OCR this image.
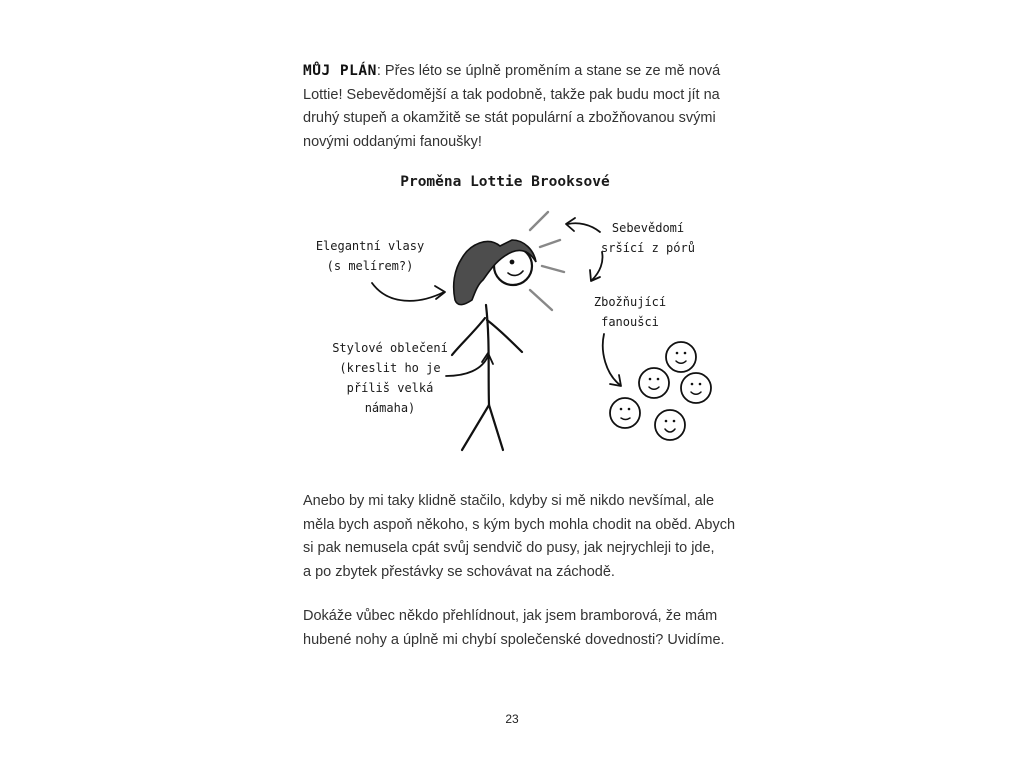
MŮJ PLÁN: Přes léto se úplně proměním a stane se ze mě nová
Lottie! Sebevědomější a tak podobně, takže pak budu moct jít na
druhý stupeň a okamžitě se stát populární a zbožňovanou svými
novými oddanými fanoušky!

Proměna Lottie Brooksové
Elegantní vlasy
(s melírem?)
Sebevědomí
sršící z pórů
Zbožňující
fanoušci
Stylové oblečení
(kreslit ho je
příliš velká
námaha)

Anebo by mi taky klidně stačilo, kdyby si mě nikdo nevšímal, ale
měla bych aspoň někoho, s kým bych mohla chodit na oběd. Abych
si pak nemusela cpát svůj sendvič do pusy, jak nejrychleji to jde,
a po zbytek přestávky se schovávat na záchodě.

Dokáže vůbec někdo přehlídnout, jak jsem bramborová, že mám
hubené nohy a úplně mi chybí společenské dovednosti? Uvidíme.

23
